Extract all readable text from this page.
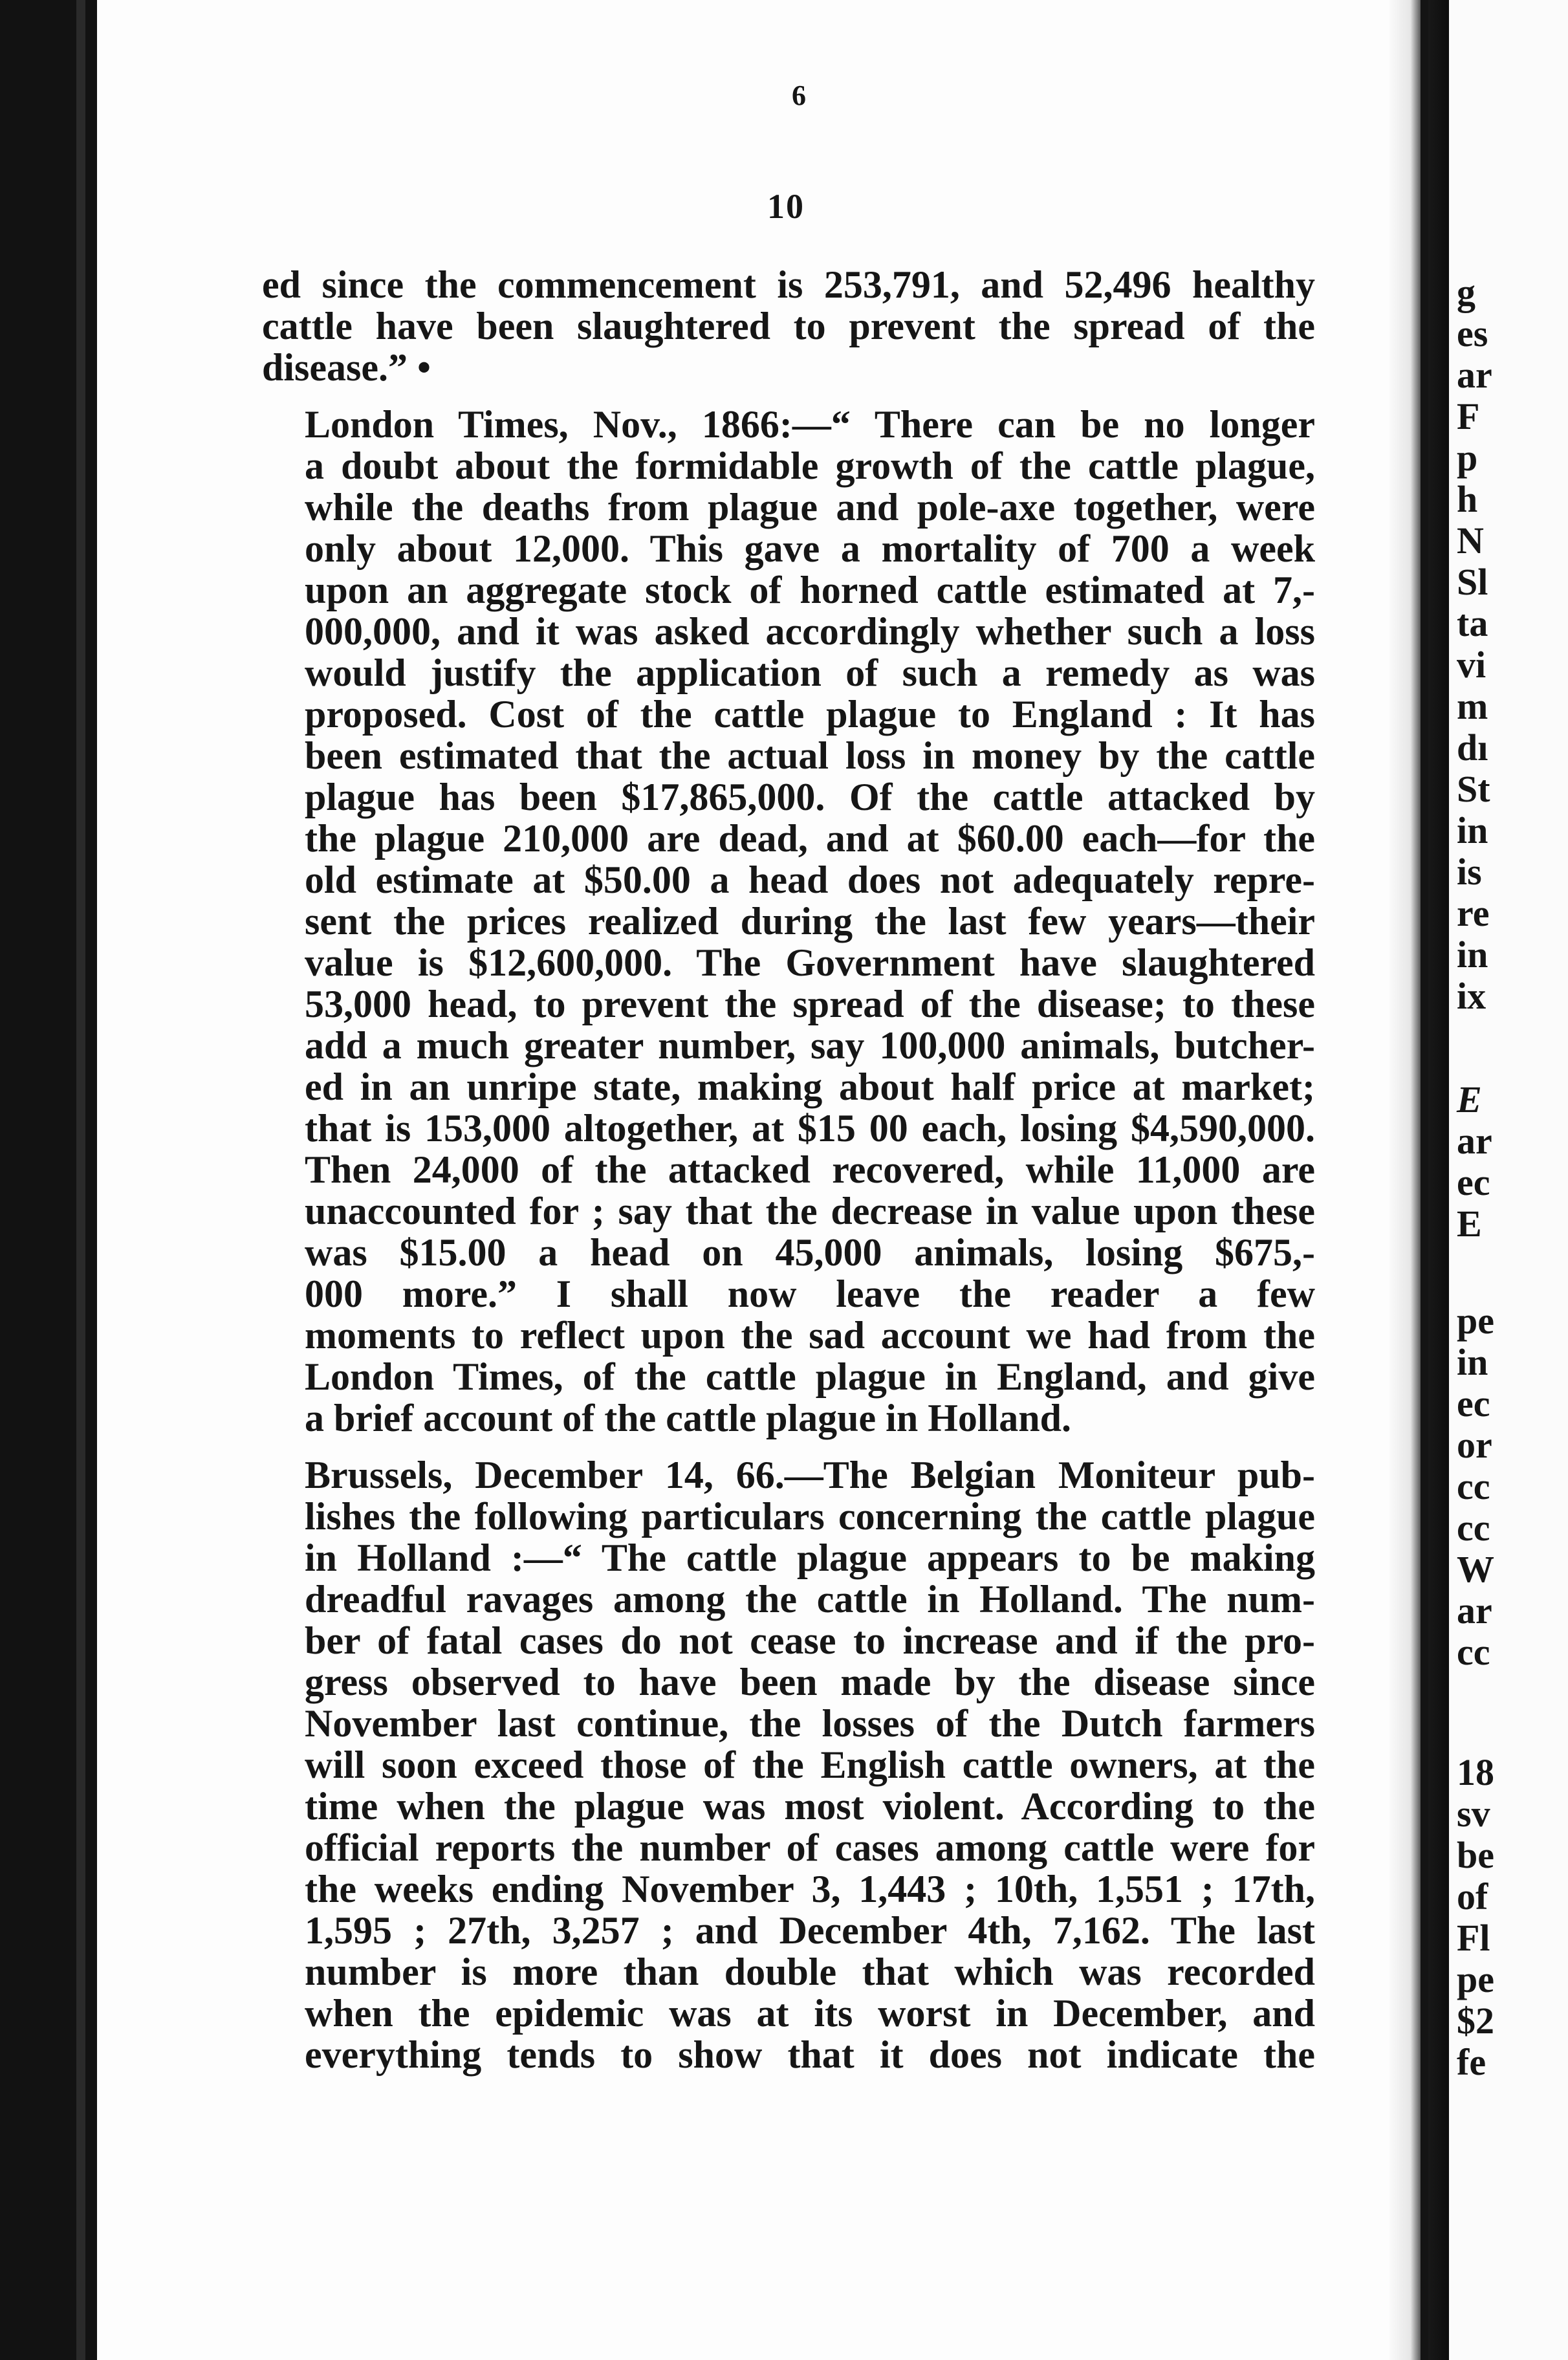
6
10

ed since the commencement is 253,791, and 52,496 healthy
cattle have been slaughtered to prevent the spread of the
disease.” •

London Times, Nov., 1866:—“ There can be no longer
a doubt about the formidable growth of the cattle plague,
while the deaths from plague and pole-axe together, were
only about 12,000. This gave a mortality of 700 a week
upon an aggregate stock of horned cattle estimated at 7,-
000,000, and it was asked accordingly whether such a loss
would justify the application of such a remedy as was
proposed. Cost of the cattle plague to England : It has
been estimated that the actual loss in money by the cattle
plague has been $17,865,000. Of the cattle attacked by
the plague 210,000 are dead, and at $60.00 each—for the
old estimate at $50.00 a head does not adequately repre-
sent the prices realized during the last few years—their
value is $12,600,000. The Government have slaughtered
53,000 head, to prevent the spread of the disease; to these
add a much greater number, say 100,000 animals, butcher-
ed in an unripe state, making about half price at market;
that is 153,000 altogether, at $15 00 each, losing $4,590,000.
Then 24,000 of the attacked recovered, while 11,000 are
unaccounted for ; say that the decrease in value upon these
was $15.00 a head on 45,000 animals, losing $675,-
000 more.” I shall now leave the reader a few
moments to reflect upon the sad account we had from the
London Times, of the cattle plague in England, and give
a brief account of the cattle plague in Holland.

Brussels, December 14, 66.—The Belgian Moniteur pub-
lishes the following particulars concerning the cattle plague
in Holland :—“ The cattle plague appears to be making
dreadful ravages among the cattle in Holland. The num-
ber of fatal cases do not cease to increase and if the pro-
gress observed to have been made by the disease since
November last continue, the losses of the Dutch farmers
will soon exceed those of the English cattle owners, at the
time when the plague was most violent. According to the
official reports the number of cases among cattle were for
the weeks ending November 3, 1,443 ; 10th, 1,551 ; 17th,
1,595 ; 27th, 3,257 ; and December 4th, 7,162. The last
number is more than double that which was recorded
when the epidemic was at its worst in December, and
everything tends to show that it does not indicate the

g
es
ar
F
p
h
N
Sl
ta
vi
m
dı
St
in
is
re
in
ix
E
ar
ec
E
pe
in
ec
or
cc
cc
W
ar
cc
18
sv
be
of
Fl
pe
$2
fe
